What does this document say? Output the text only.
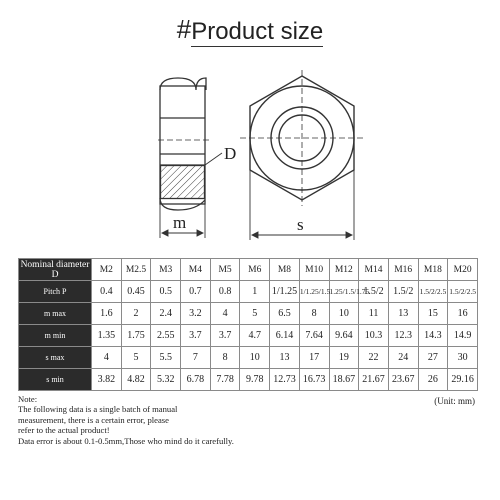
#Product size
D
m	s
Nominal diameter D	M2	M2.5	M3	M4	M5	M6	M8	M10	M12	M14	M16	M18	M20
Pitch P	0.4	0.45	0.5	0.7	0.8	1	1/1.25	1/1.25/1.5	1.25/1.5/1.75	1.5/2	1.5/2	1.5/2/2.5	1.5/2/2.5
m max	1.6	2	2.4	3.2	4	5	6.5	8	10	11	13	15	16
m min	1.35	1.75	2.55	3.7	3.7	4.7	6.14	7.64	9.64	10.3	12.3	14.3	14.9
s max	4	5	5.5	7	8	10	13	17	19	22	24	27	30
s min	3.82	4.82	5.32	6.78	7.78	9.78	12.73	16.73	18.67	21.67	23.67	26	29.16
Note:
The following data is a single batch of manual
measurement, there is a certain error, please
refer to the actual product!
Data error is about 0.1-0.5mm,Those who mind do it carefully.
(Unit: mm)
